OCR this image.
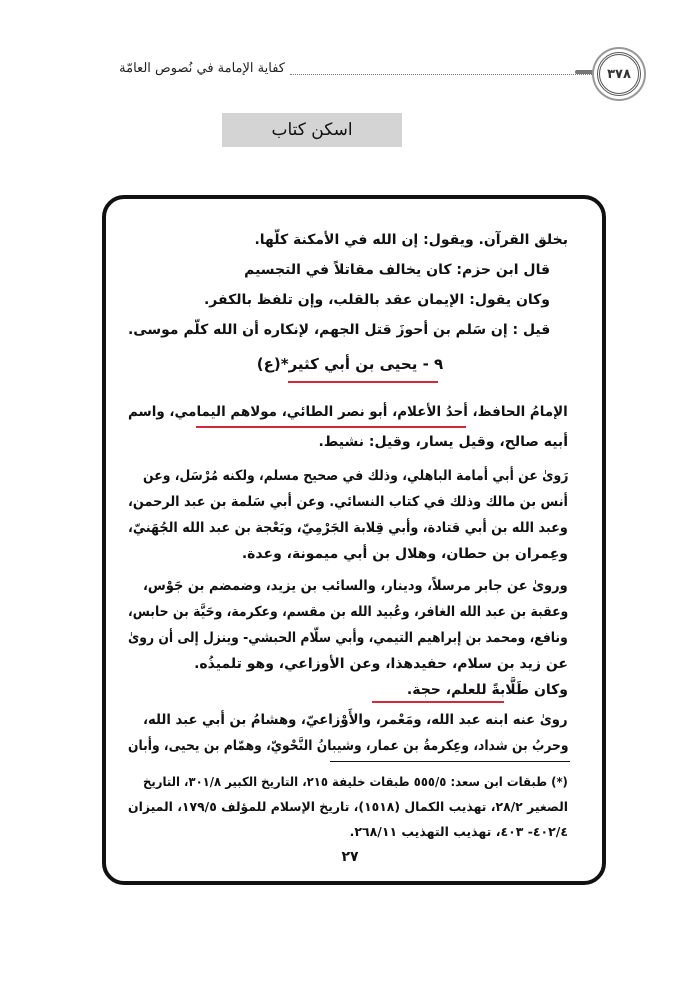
كفاية الإمامة في نُصوص العامّة	٣٧٨
اسكن كتاب
بخلق القرآن. ويقول: إن الله في الأمكنة كلّها.
قال ابن حزم: كان يخالف مقاتلاً في التجسيم
وكان يقول: الإيمان عقد بالقلب، وإن تلفظ بالكفر.
قيل : إن سَلم بن أحوزَ قتل الجهم، لإنكاره أن الله كلّم موسى.
٩ - يحيى بن أبي كثير*(ع)
الإمامُ الحافظ، أحدُ الأعلام، أبو نصر الطائي، مولاهم اليمامي، واسم
أبيه صالح، وقيل يسار، وقيل: نشيط.
رَوىٰ عن أبي أمامة الباهلي، وذلك في صحيح مسلم، ولكنه مُرْسَل، وعن
أنس بن مالك وذلك في كتاب النسائي. وعن أبي سَلمة بن عبد الرحمن،
وعبد الله بن أبي قتادة، وأبي قِلابة الجَرْمِيّ، وبَعْجة بن عبد الله الجُهَنيّ،
وعِمران بن حطان، وهلال بن أبي ميمونة، وعدة.
وروىٰ عن جابر مرسلاً، ودينار، والسائب بن يزيد، وضمضم بن جَوْس،
وعقبة بن عبد الله الغافر، وعُبيد الله بن مقسم، وعكرمة، وحَيَّة بن حابس،
ونافع، ومحمد بن إبراهيم التيمي، وأبي سلّام الحبشي- وينزل إلى أن روىٰ
عن زيد بن سلام، حفيدهذا، وعن الأوزاعي، وهو تلميذُه.
وكان طَلَّابةً للعلم، حجة.
روىٰ عنه ابنه عبد الله، ومَعْمر، والأَوْزاعيّ، وهشامُ بن أبي عبد الله،
وحربُ بن شداد، وعِكرمةُ بن عمار، وشيبانُ النَّحْويّ، وهمّام بن يحيى، وأبان
(*) طبقات ابن سعد: ٥٥٥/٥ طبقات خليفة ٢١٥، التاريخ الكبير ٣٠١/٨، التاريخ
الصغير ٢٨/٢، تهذيب الكمال (١٥١٨)، تاريخ الإسلام للمؤلف ١٧٩/٥، الميزان
٤٠٢/٤- ٤٠٣، تهذيب التهذيب ٢٦٨/١١.
٢٧
